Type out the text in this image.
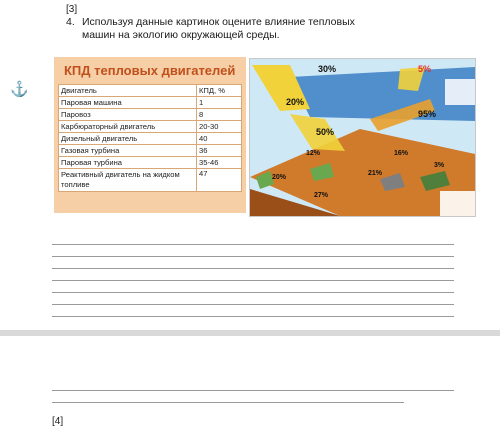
[3]
4. Используя данные картинок оцените влияние тепловых машин на экологию окружающей среды.
⚓
КПД тепловых двигателей
Двигатель	КПД, %
Паровая машина	1
Паровоз	8
Карбюраторный двигатель	20-30
Дизельный двигатель	40
Газовая турбина	36
Паровая турбина	35-46
Реактивный двигатель на жидком топливе	47
30%	5%
20%
95%
50%
12%	16%
21%
3%
20%
27%
[4]
